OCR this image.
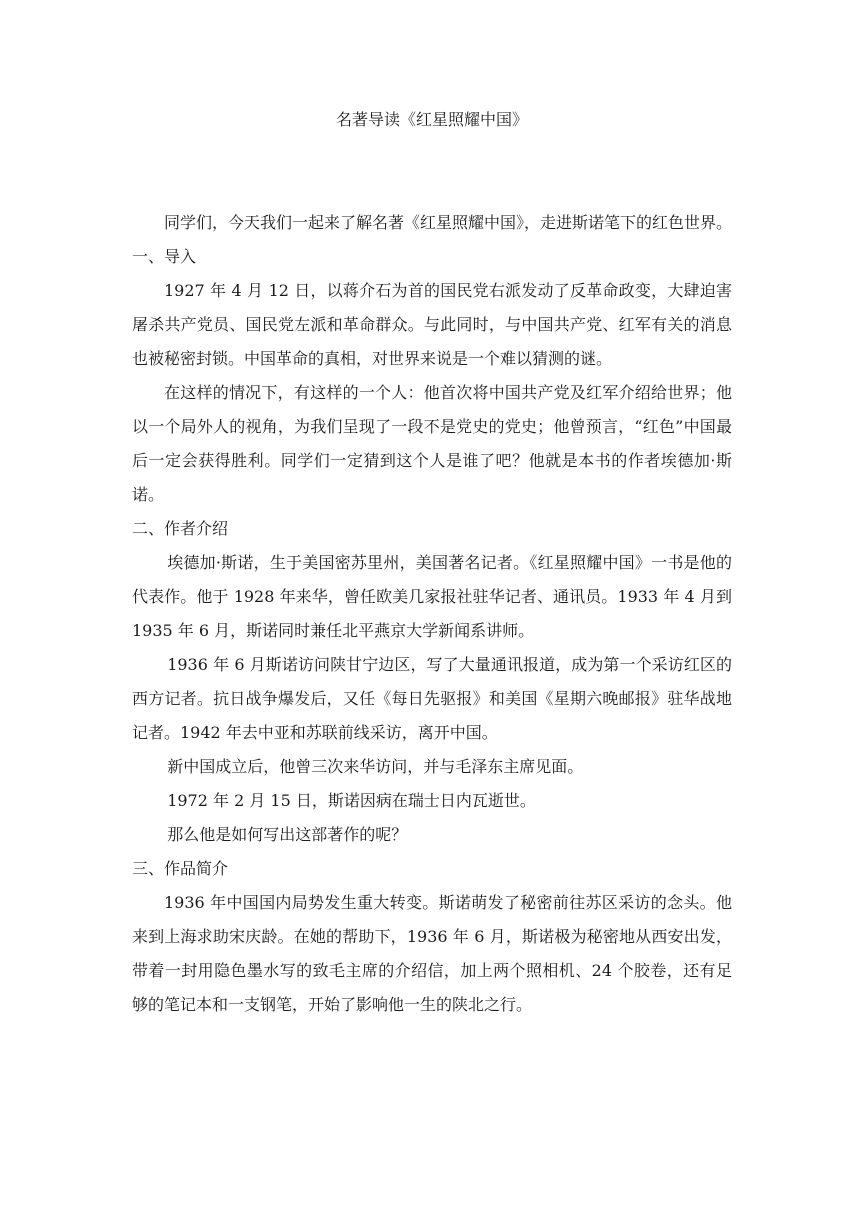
名著导读《红星照耀中国》

同学们，今天我们一起来了解名著《红星照耀中国》，走进斯诺笔下的红色世界。

一、导入

1927 年 4 月 12 日，以蒋介石为首的国民党右派发动了反革命政变，大肆迫害屠杀共产党员、国民党左派和革命群众。与此同时，与中国共产党、红军有关的消息也被秘密封锁。中国革命的真相，对世界来说是一个难以猜测的谜。

在这样的情况下，有这样的一个人：他首次将中国共产党及红军介绍给世界；他以一个局外人的视角，为我们呈现了一段不是党史的党史；他曾预言，“红色”中国最后一定会获得胜利。同学们一定猜到这个人是谁了吧？他就是本书的作者埃德加·斯诺。

二、作者介绍

埃德加·斯诺，生于美国密苏里州，美国著名记者。《红星照耀中国》一书是他的代表作。他于 1928 年来华，曾任欧美几家报社驻华记者、通讯员。1933 年 4 月到 1935 年 6 月，斯诺同时兼任北平燕京大学新闻系讲师。

1936 年 6 月斯诺访问陕甘宁边区，写了大量通讯报道，成为第一个采访红区的西方记者。抗日战争爆发后，又任《每日先驱报》和美国《星期六晚邮报》驻华战地记者。1942 年去中亚和苏联前线采访，离开中国。

新中国成立后，他曾三次来华访问，并与毛泽东主席见面。

1972 年 2 月 15 日，斯诺因病在瑞士日内瓦逝世。

那么他是如何写出这部著作的呢？

三、作品简介

1936 年中国国内局势发生重大转变。斯诺萌发了秘密前往苏区采访的念头。他来到上海求助宋庆龄。在她的帮助下，1936 年 6 月，斯诺极为秘密地从西安出发，带着一封用隐色墨水写的致毛主席的介绍信，加上两个照相机、24 个胶卷，还有足够的笔记本和一支钢笔，开始了影响他一生的陕北之行。
